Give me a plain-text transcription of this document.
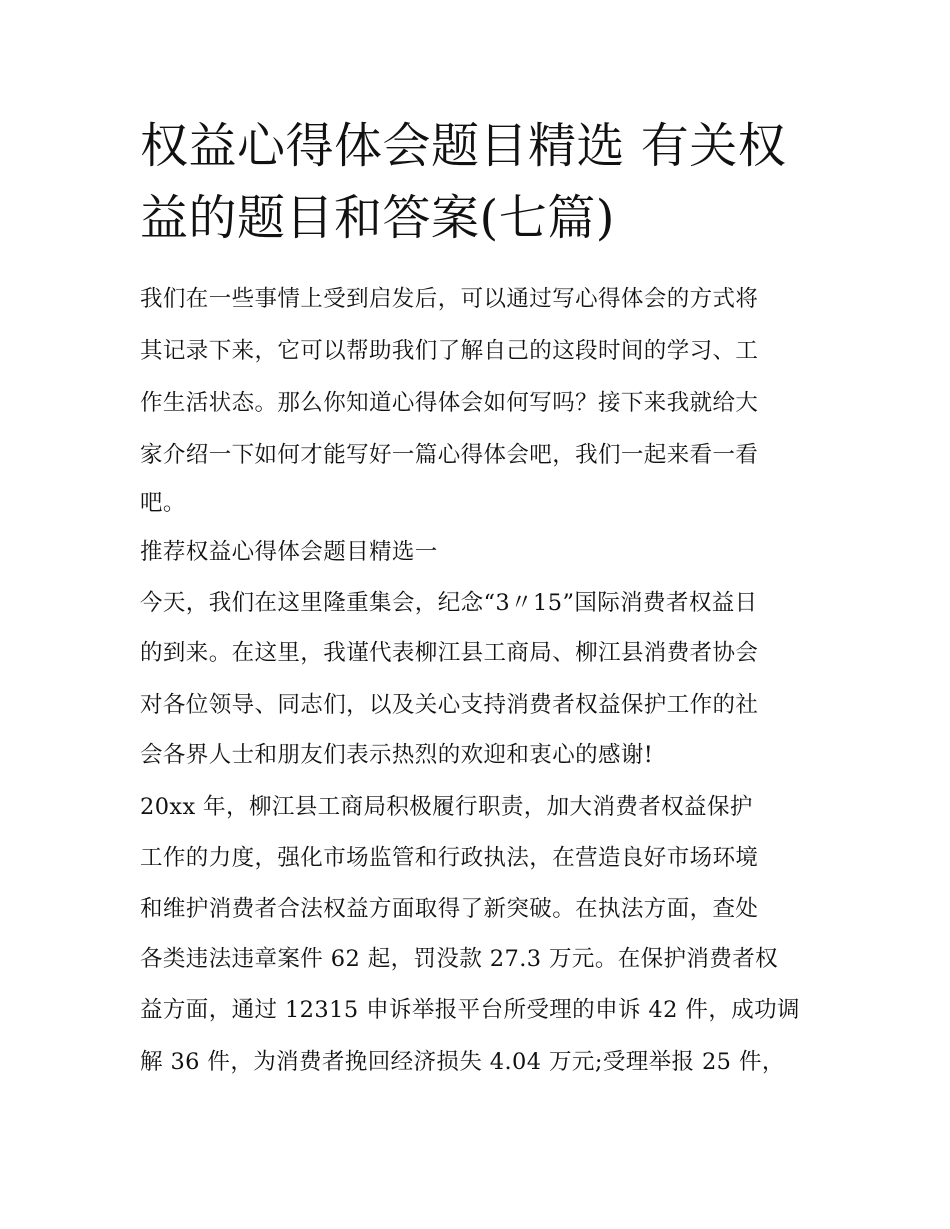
权益心得体会题目精选 有关权
益的题目和答案(七篇)
我们在一些事情上受到启发后，可以通过写心得体会的方式将
其记录下来，它可以帮助我们了解自己的这段时间的学习、工
作生活状态。那么你知道心得体会如何写吗？接下来我就给大
家介绍一下如何才能写好一篇心得体会吧，我们一起来看一看
吧。
推荐权益心得体会题目精选一
今天，我们在这里隆重集会，纪念“3〃15”国际消费者权益日
的到来。在这里，我谨代表柳江县工商局、柳江县消费者协会
对各位领导、同志们，以及关心支持消费者权益保护工作的社
会各界人士和朋友们表示热烈的欢迎和衷心的感谢!
20xx 年，柳江县工商局积极履行职责，加大消费者权益保护
工作的力度，强化市场监管和行政执法，在营造良好市场环境
和维护消费者合法权益方面取得了新突破。在执法方面，查处
各类违法违章案件 62 起，罚没款 27.3 万元。在保护消费者权
益方面，通过 12315 申诉举报平台所受理的申诉 42 件，成功调
解 36 件，为消费者挽回经济损失 4.04 万元;受理举报 25 件，
